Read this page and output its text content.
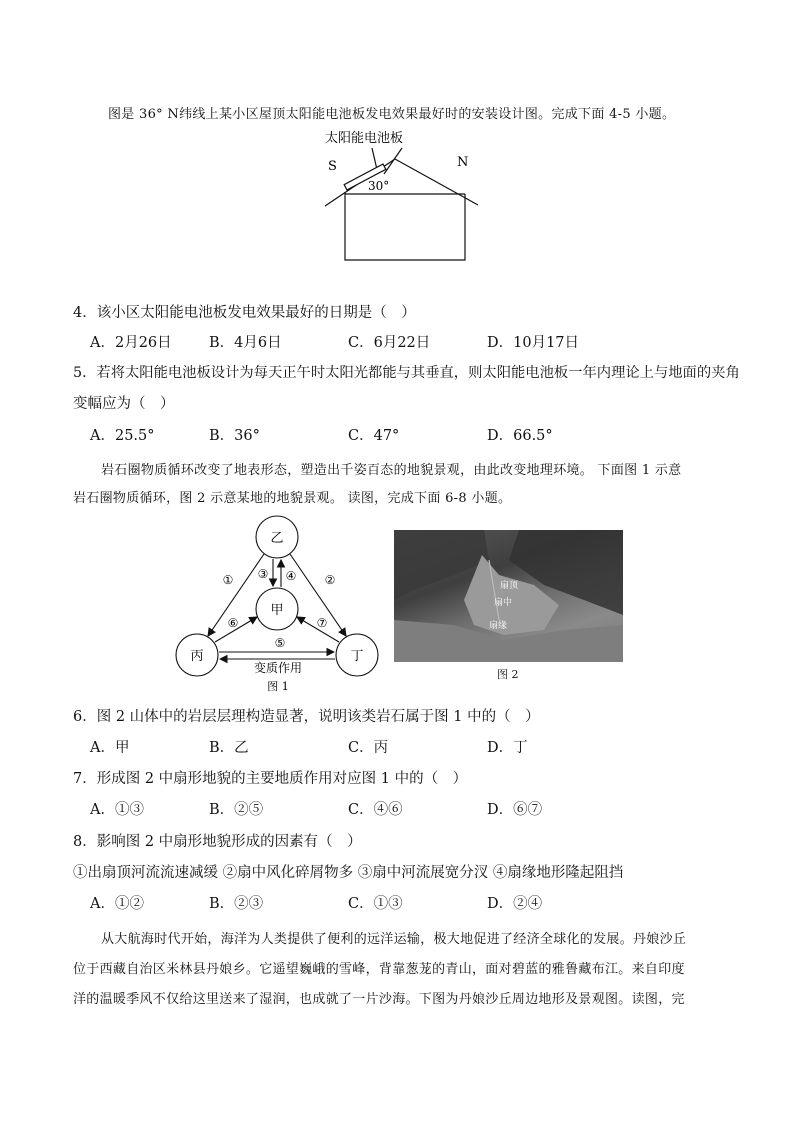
图是 36° N纬线上某小区屋顶太阳能电池板发电效果最好时的安装设计图。完成下面 4-5 小题。
太阳能电池板
S	N
30°
4．该小区太阳能电池板发电效果最好的日期是（　）
A．2月26日	B．4月6日	C．6月22日	D．10月17日
5．若将太阳能电池板设计为每天正午时太阳光都能与其垂直，则太阳能电池板一年内理论上与地面的夹角
变幅应为（　）
A．25.5°	B．36°	C．47°	D．66.5°
岩石圈物质循环改变了地表形态，塑造出千姿百态的地貌景观，由此改变地理环境。 下面图 1 示意
岩石圈物质循环，图 2 示意某地的地貌景观。 读图，完成下面 6-8 小题。
乙
甲
丙	丁
①	②
③ ④
⑤
⑥	⑦
变质作用
图 1
扇顶
扇中
扇缘
图 2
6．图 2 山体中的岩层层理构造显著，说明该类岩石属于图 1 中的（　）
A．甲	B．乙	C．丙	D．丁
7．形成图 2 中扇形地貌的主要地质作用对应图 1 中的（　）
A．①③	B．②⑤	C．④⑥	D．⑥⑦
8．影响图 2 中扇形地貌形成的因素有（　）
①出扇顶河流流速减缓 ②扇中风化碎屑物多 ③扇中河流展宽分汊 ④扇缘地形隆起阻挡
A．①②	B．②③	C．①③	D．②④
从大航海时代开始，海洋为人类提供了便利的远洋运输，极大地促进了经济全球化的发展。丹娘沙丘
位于西藏自治区米林县丹娘乡。它遥望巍峨的雪峰，背靠葱茏的青山，面对碧蓝的雅鲁藏布江。来自印度
洋的温暖季风不仅给这里送来了湿润，也成就了一片沙海。下图为丹娘沙丘周边地形及景观图。读图，完
